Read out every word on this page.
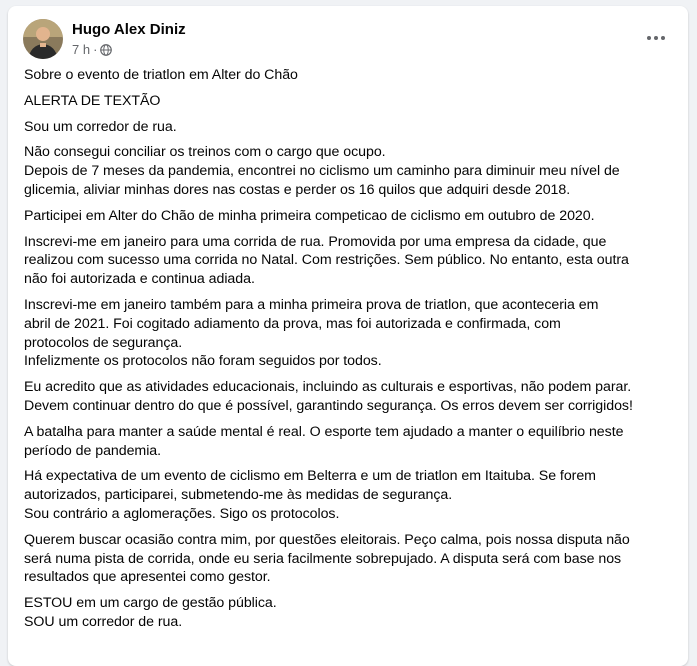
Hugo Alex Diniz
7 h ·
Sobre o evento de triatlon em Alter do Chão
ALERTA DE TEXTÃO
Sou um corredor de rua.
Não consegui conciliar os treinos com o cargo que ocupo.
Depois de 7 meses da pandemia, encontrei no ciclismo um caminho para diminuir meu nível de
glicemia, aliviar minhas dores nas costas e perder os 16 quilos que adquiri desde 2018.
Participei em Alter do Chão de minha primeira competicao de ciclismo em outubro de 2020.
Inscrevi-me em janeiro para uma corrida de rua. Promovida por uma empresa da cidade, que
realizou com sucesso uma corrida no Natal. Com restrições. Sem público. No entanto, esta outra
não foi autorizada e continua adiada.
Inscrevi-me em janeiro também para a minha primeira prova de triatlon, que aconteceria em
abril de 2021. Foi cogitado adiamento da prova, mas foi autorizada e confirmada, com
protocolos de segurança.
Infelizmente os protocolos não foram seguidos por todos.
Eu acredito que as atividades educacionais, incluindo as culturais e esportivas, não podem parar.
Devem continuar dentro do que é possível, garantindo segurança. Os erros devem ser corrigidos!
A batalha para manter a saúde mental é real. O esporte tem ajudado a manter o equilíbrio neste
período de pandemia.
Há expectativa de um evento de ciclismo em Belterra e um de triatlon em Itaituba. Se forem
autorizados, participarei, submetendo-me às medidas de segurança.
Sou contrário a aglomerações. Sigo os protocolos.
Querem buscar ocasião contra mim, por questões eleitorais. Peço calma, pois nossa disputa não
será numa pista de corrida, onde eu seria facilmente sobrepujado. A disputa será com base nos
resultados que apresentei como gestor.
ESTOU em um cargo de gestão pública.
SOU um corredor de rua.
